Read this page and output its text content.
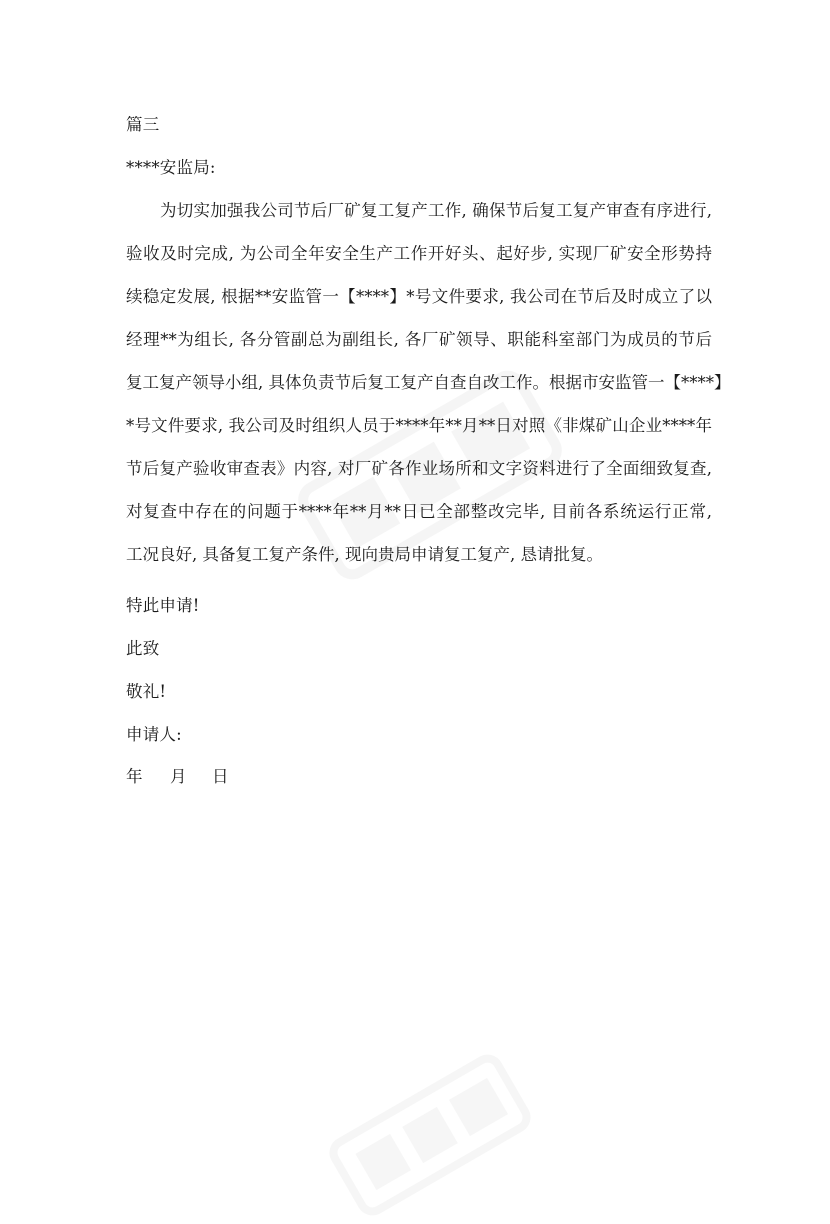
篇三
****安监局:
为切实加强我公司节后厂矿复工复产工作, 确保节后复工复产审查有序进行,
验收及时完成, 为公司全年安全生产工作开好头、起好步, 实现厂矿安全形势持
续稳定发展, 根据**安监管一【****】*号文件要求, 我公司在节后及时成立了以
经理**为组长, 各分管副总为副组长, 各厂矿领导、职能科室部门为成员的节后
复工复产领导小组, 具体负责节后复工复产自查自改工作。根据市安监管一【****】
*号文件要求, 我公司及时组织人员于****年**月**日对照《非煤矿山企业****年
节后复产验收审查表》内容, 对厂矿各作业场所和文字资料进行了全面细致复查,
对复查中存在的问题于****年**月**日已全部整改完毕, 目前各系统运行正常,
工况良好, 具备复工复产条件, 现向贵局申请复工复产, 恳请批复。
特此申请!
此致
敬礼!
申请人:
年 月 日
